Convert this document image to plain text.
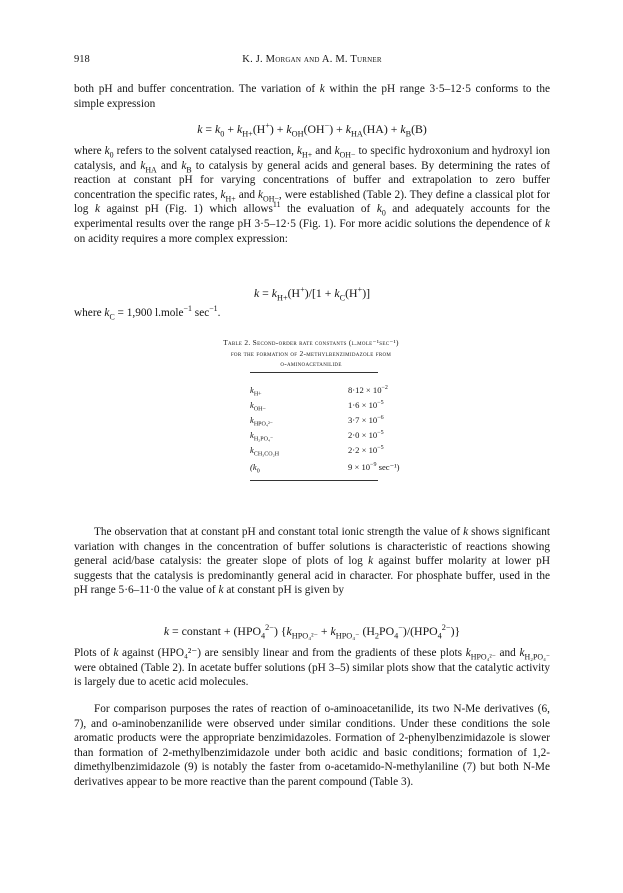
918	K. J. Morgan and A. M. Turner

both pH and buffer concentration. The variation of k within the pH range 3·5–12·5 conforms to the simple expression

$k = k_0 + k_{H+}(H^+) + k_{OH}(OH^-) + k_{HA}(HA) + k_B(B)$

where $k_0$ refers to the solvent catalysed reaction, $k_{H+}$ and $k_{OH-}$ to specific hydroxonium and hydroxyl ion catalysis, and $k_{HA}$ and $k_B$ to catalysis by general acids and general bases. By determining the rates of reaction at constant pH for varying concentrations of buffer and extrapolation to zero buffer concentration the specific rates, $k_{H+}$ and $k_{OH-}$, were established (Table 2). They define a classical plot for log k against pH (Fig. 1) which allows$^{11}$ the evaluation of $k_0$ and adequately accounts for the experimental results over the range pH 3·5–12·5 (Fig. 1). For more acidic solutions the dependence of k on acidity requires a more complex expression:

$k = k_{H+}(H^+)/[1 + k_C(H^+)]$

where $k_C = 1,900$ l.mole$^{-1}$ $\sec^{-1}$.

Table 2. Second-order rate constants (l.mole⁻¹sec⁻¹)
for the formation of 2-methylbenzimidazole from
o-aminoacetanilide
$k_{H+}$	$8\cdot 12 \times 10^{-2}$
$k_{OH-}$	$1\cdot 6 \times 10^{-5}$
$k_{HPO_4^{2-}}$	$3\cdot 7 \times 10^{-6}$
$k_{H_2PO_4^-}$	$2\cdot 0 \times 10^{-5}$
$k_{CH_3CO_2H}$	$2\cdot 2 \times 10^{-5}$
($k_0$	$9 \times 10^{-9}$ sec⁻¹)

The observation that at constant pH and constant total ionic strength the value of k shows significant variation with changes in the concentration of buffer solutions is characteristic of reactions showing general acid/base catalysis: the greater slope of plots of log k against buffer molarity at lower pH suggests that the catalysis is predominantly general acid in character. For phosphate buffer, used in the pH range 5·6–11·0 the value of k at constant pH is given by

k = constant + $(HPO_4^{2-}) \{k_{HPO_4^{2-}} + k_{HPO_4^-}$ $(H_2PO_4^-)/(HPO_4^{2-})$}

Plots of k against (HPO₄²⁻) are sensibly linear and from the gradients of these plots $k_{HPO_4^{2-}}$ and $k_{H_2PO_4^-}$ were obtained (Table 2). In acetate buffer solutions (pH 3–5) similar plots show that the catalytic activity is largely due to acetic acid molecules.

For comparison purposes the rates of reaction of o-aminoacetanilide, its two N-Me derivatives (6, 7), and o-aminobenzanilide were observed under similar conditions. Under these conditions the sole aromatic products were the appropriate benzimidazoles. Formation of 2-phenylbenzimidazole is slower than formation of 2-methylbenzimidazole under both acidic and basic conditions; formation of 1,2-dimethylbenzimidazole (9) is notably the faster from o-acetamido-N-methylaniline (7) but both N-Me derivatives appear to be more reactive than the parent compound (Table 3).
